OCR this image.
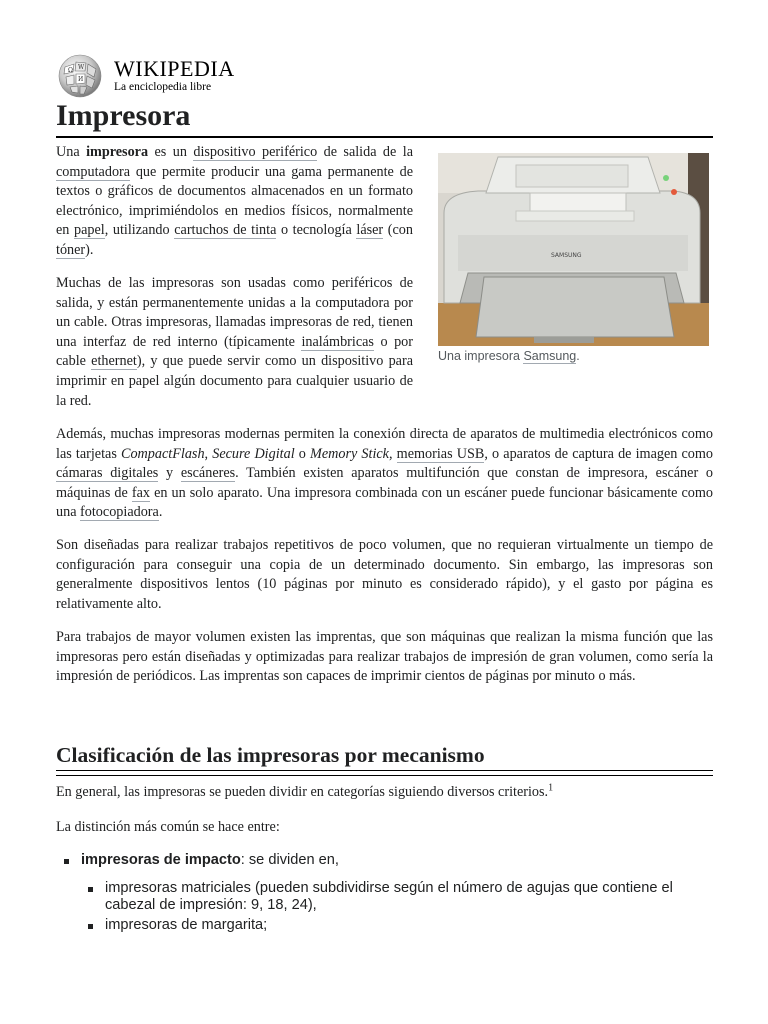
Ω W
И WIKIPEDIA
La enciclopedia libre
Impresora

Una impresora es un dispositivo periférico de salida de la computadora que permite producir una gama permanente de textos o gráficos de documentos almacenados en un formato electrónico, imprimiéndolos en medios físicos, normalmente en papel, utilizando cartuchos de tinta o tecnología láser (con tóner).

Muchas de las impresoras son usadas como periféricos de salida, y están permanentemente unidas a la computadora por un cable. Otras impresoras, llamadas impresoras de red, tienen una interfaz de red interno (típicamente inalámbricas o por cable ethernet), y que puede servir como un dispositivo para imprimir en papel algún documento para cualquier usuario de la red.

SAMSUNG
Una impresora Samsung.

Además, muchas impresoras modernas permiten la conexión directa de aparatos de multimedia electrónicos como las tarjetas CompactFlash, Secure Digital o Memory Stick, memorias USB, o aparatos de captura de imagen como cámaras digitales y escáneres. También existen aparatos multifunción que constan de impresora, escáner o máquinas de fax en un solo aparato. Una impresora combinada con un escáner puede funcionar básicamente como una fotocopiadora.

Son diseñadas para realizar trabajos repetitivos de poco volumen, que no requieran virtualmente un tiempo de configuración para conseguir una copia de un determinado documento. Sin embargo, las impresoras son generalmente dispositivos lentos (10 páginas por minuto es considerado rápido), y el gasto por página es relativamente alto.

Para trabajos de mayor volumen existen las imprentas, que son máquinas que realizan la misma función que las impresoras pero están diseñadas y optimizadas para realizar trabajos de impresión de gran volumen, como sería la impresión de periódicos. Las imprentas son capaces de imprimir cientos de páginas por minuto o más.

Clasificación de las impresoras por mecanismo

En general, las impresoras se pueden dividir en categorías siguiendo diversos criterios.$^1$

La distinción más común se hace entre:

impresoras de impacto: se dividen en,
impresoras matriciales (pueden subdividirse según el número de agujas que contiene el cabezal de impresión: 9, 18, 24),
impresoras de margarita;
